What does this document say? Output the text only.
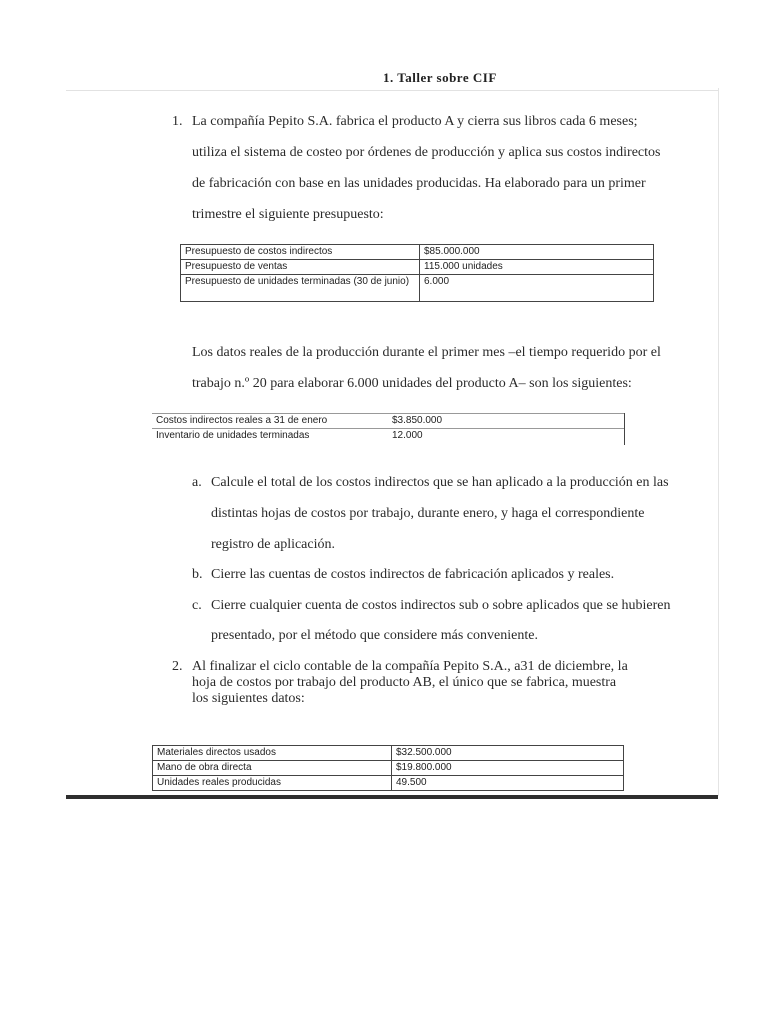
1. Taller sobre CIF
1. La compañía Pepito S.A. fabrica el producto A y cierra sus libros cada 6 meses;
utiliza el sistema de costeo por órdenes de producción y aplica sus costos indirectos
de fabricación con base en las unidades producidas. Ha elaborado para un primer
trimestre el siguiente presupuesto:
Presupuesto de costos indirectos	$85.000.000
Presupuesto de ventas	115.000 unidades
Presupuesto de unidades terminadas (30 de junio)	6.000
Los datos reales de la producción durante el primer mes –el tiempo requerido por el
trabajo n.º 20 para elaborar 6.000 unidades del producto A– son los siguientes:
Costos indirectos reales a 31 de enero	$3.850.000
Inventario de unidades terminadas	12.000
a. Calcule el total de los costos indirectos que se han aplicado a la producción en las
distintas hojas de costos por trabajo, durante enero, y haga el correspondiente
registro de aplicación.
b. Cierre las cuentas de costos indirectos de fabricación aplicados y reales.
c. Cierre cualquier cuenta de costos indirectos sub o sobre aplicados que se hubieren
presentado, por el método que considere más conveniente.
2. Al finalizar el ciclo contable de la compañía Pepito S.A., a31 de diciembre, la hoja de costos por trabajo del producto AB, el único que se fabrica, muestra los siguientes datos:
Materiales directos usados	$32.500.000
Mano de obra directa	$19.800.000
Unidades reales producidas	49.500
